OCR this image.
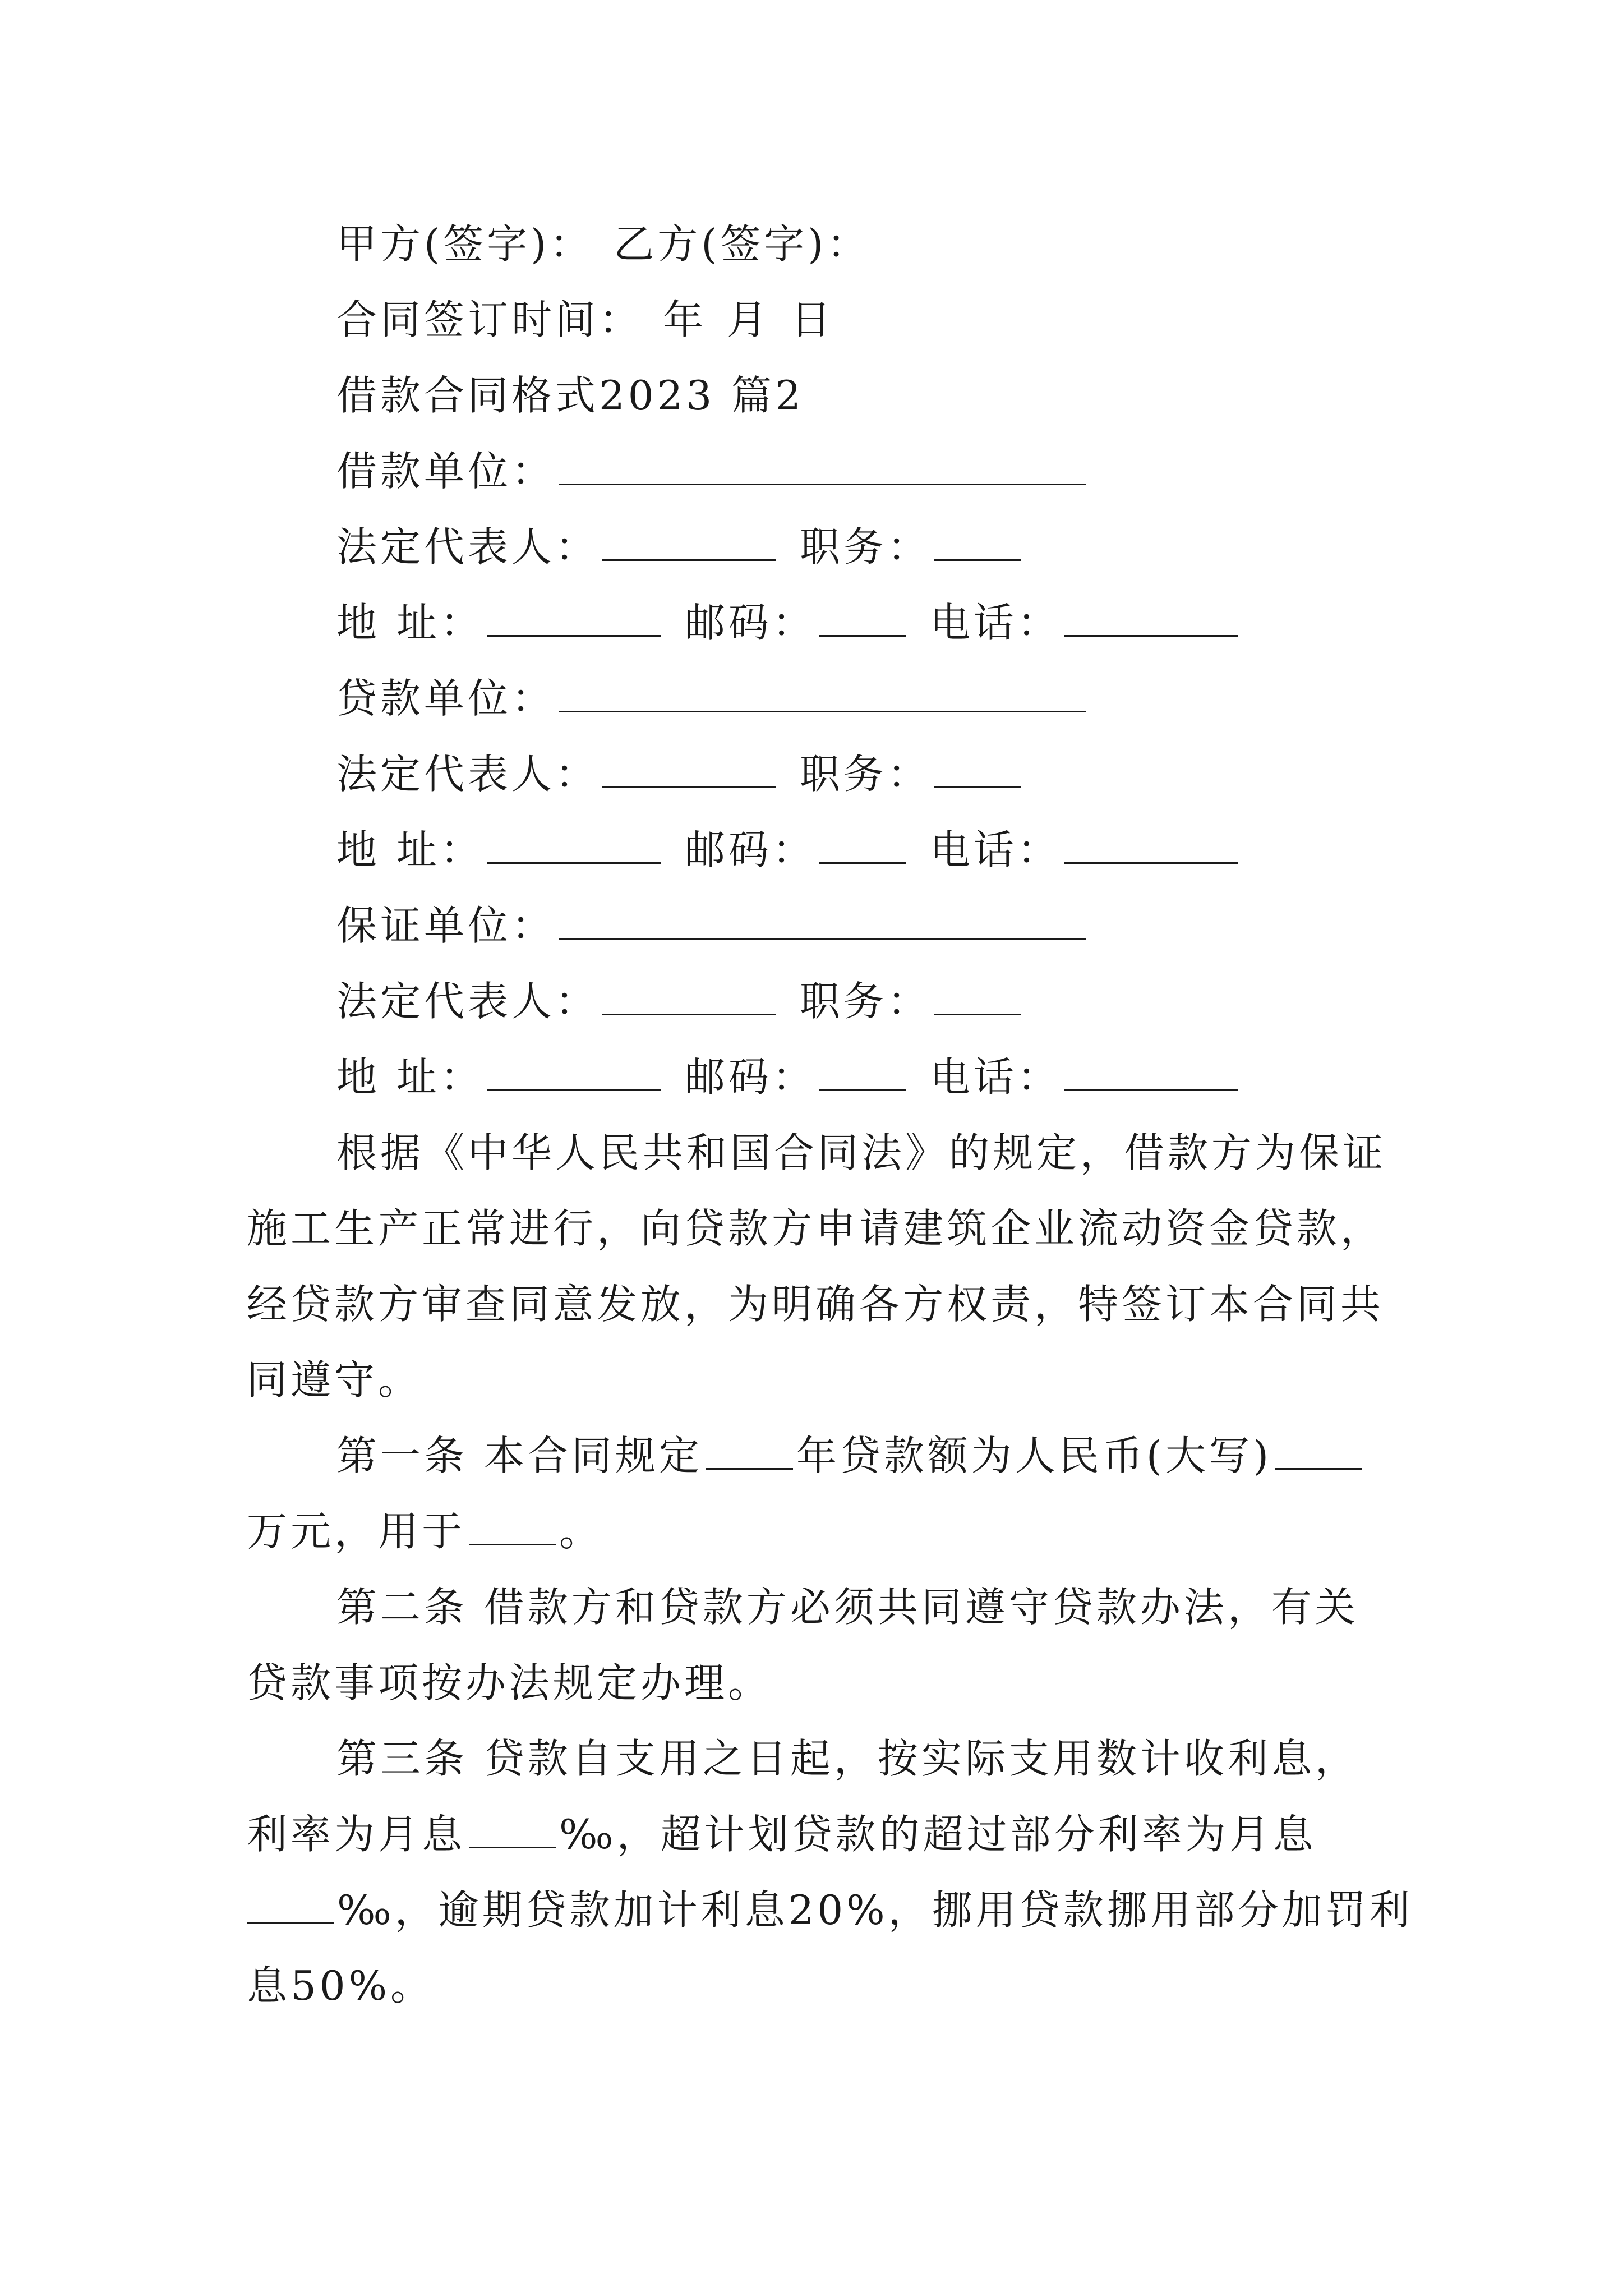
甲方(签字)： 乙方(签字)：
合同签订时间： 年 月 日
借款合同格式2023 篇2
借款单位：
法定代表人：	职务：
地 址：	邮码：	电话：
贷款单位：
法定代表人：	职务：
地 址：	邮码：	电话：
保证单位：
法定代表人：	职务：
地 址：	邮码：	电话：
根据《中华人民共和国合同法》的规定，借款方为保证
施工生产正常进行，向贷款方申请建筑企业流动资金贷款，
经贷款方审查同意发放，为明确各方权责，特签订本合同共
同遵守。
第一条 本合同规定 年贷款额为人民币(大写)
万元，用于 。
第二条 借款方和贷款方必须共同遵守贷款办法，有关
贷款事项按办法规定办理。
第三条 贷款自支用之日起，按实际支用数计收利息，
利率为月息 ‰，超计划贷款的超过部分利率为月息
‰，逾期贷款加计利息20%，挪用贷款挪用部分加罚利
息50%。
